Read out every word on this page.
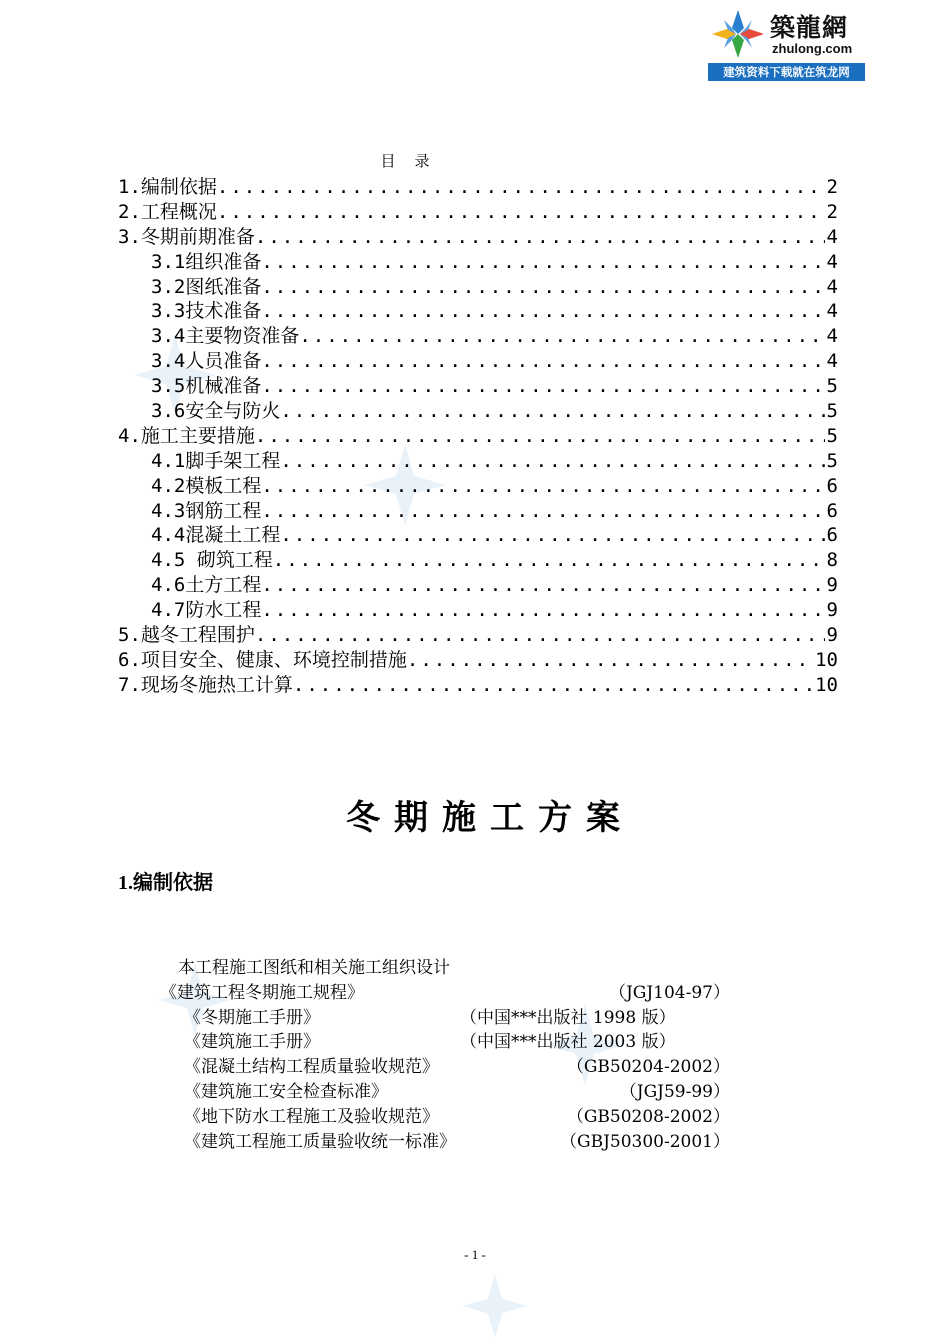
築龍網
zhulong.com
建筑资料下载就在筑龙网
目    录
1.编制依据 .....	2
2.工程概况 .....	2
3.冬期前期准备 .....	4
3.1组织准备 .....	4
3.2图纸准备 .....	4
3.3技术准备 .....	4
3.4主要物资准备 .....	4
3.4人员准备 .....	4
3.5机械准备 .....	5
3.6安全与防火 .....	5
4.施工主要措施 .....	5
4.1脚手架工程 .....	5
4.2模板工程 .....	6
4.3钢筋工程 .....	6
4.4混凝土工程 .....	6
4.5 砌筑工程 .....	8
4.6土方工程 .....	9
4.7防水工程 .....	9
5.越冬工程围护 .....	9
6.项目安全、健康、环境控制措施 .....	10
7.现场冬施热工计算 .....	10
冬期施工方案
1.编制依据
本工程施工图纸和相关施工组织设计
《建筑工程冬期施工规程》	（JGJ104-97）
《冬期施工手册》	（中国***出版社 1998 版）
《建筑施工手册》	（中国***出版社 2003 版）
《混凝土结构工程质量验收规范》	（GB50204-2002）
《建筑施工安全检查标准》	（JGJ59-99）
《地下防水工程施工及验收规范》	（GB50208-2002）
《建筑工程施工质量验收统一标准》	（GBJ50300-2001）
- 1 -
